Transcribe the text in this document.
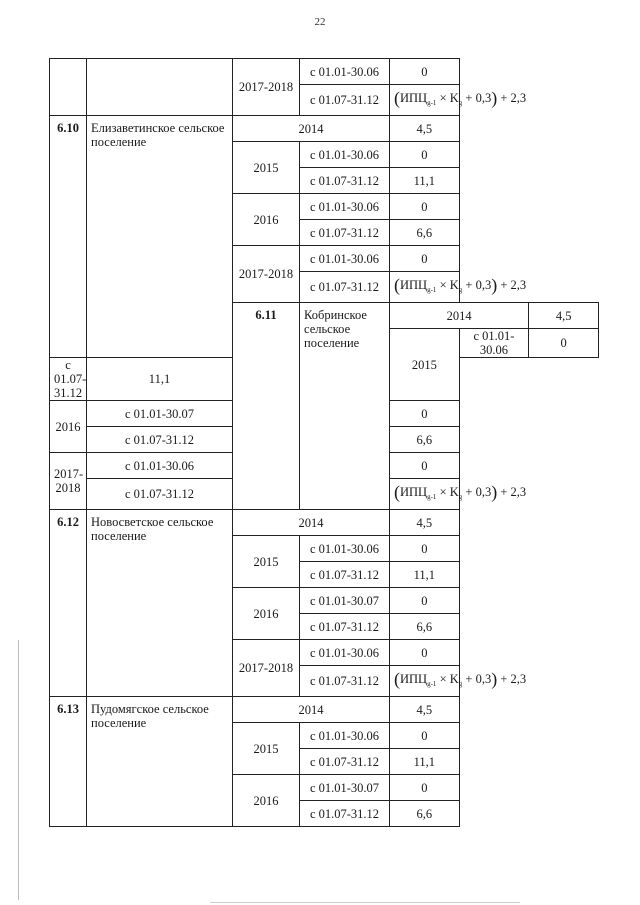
22
		2017-2018	с 01.01-30.06	0		
			с 01.07-31.12	$(ИПЦ_{g-1} \times K_g + 0,3) + 2,3$		
6.10	Елизаветинское сельское поселение	2014		4,5		
		2015	с 01.01-30.06	0		
			с 01.07-31.12	11,1		
		2016	с 01.01-30.06	0		
			с 01.07-31.12	6,6		
		2017-2018	с 01.01-30.06	0		
			с 01.07-31.12	$(ИПЦ_{g-1} \times K_g + 0,3) + 2,3$		
		6.11	Кобринское сельское поселение	2014		4,5
				2015	с 01.01-30.06	0
с 01.07-31.12	11,1					
2016	с 01.01-30.07			0		
	с 01.07-31.12			6,6		
2017-2018	с 01.01-30.06			0		
	с 01.07-31.12			$(ИПЦ_{g-1} \times K_g + 0,3) + 2,3$		
6.12	Новосветское сельское поселение	2014		4,5		
		2015	с 01.01-30.06	0		
			с 01.07-31.12	11,1		
		2016	с 01.01-30.07	0		
			с 01.07-31.12	6,6		
		2017-2018	с 01.01-30.06	0		
			с 01.07-31.12	$(ИПЦ_{g-1} \times K_g + 0,3) + 2,3$		
6.13	Пудомягское сельское поселение	2014		4,5		
		2015	с 01.01-30.06	0		
			с 01.07-31.12	11,1		
		2016	с 01.01-30.07	0		
			с 01.07-31.12	6,6		
